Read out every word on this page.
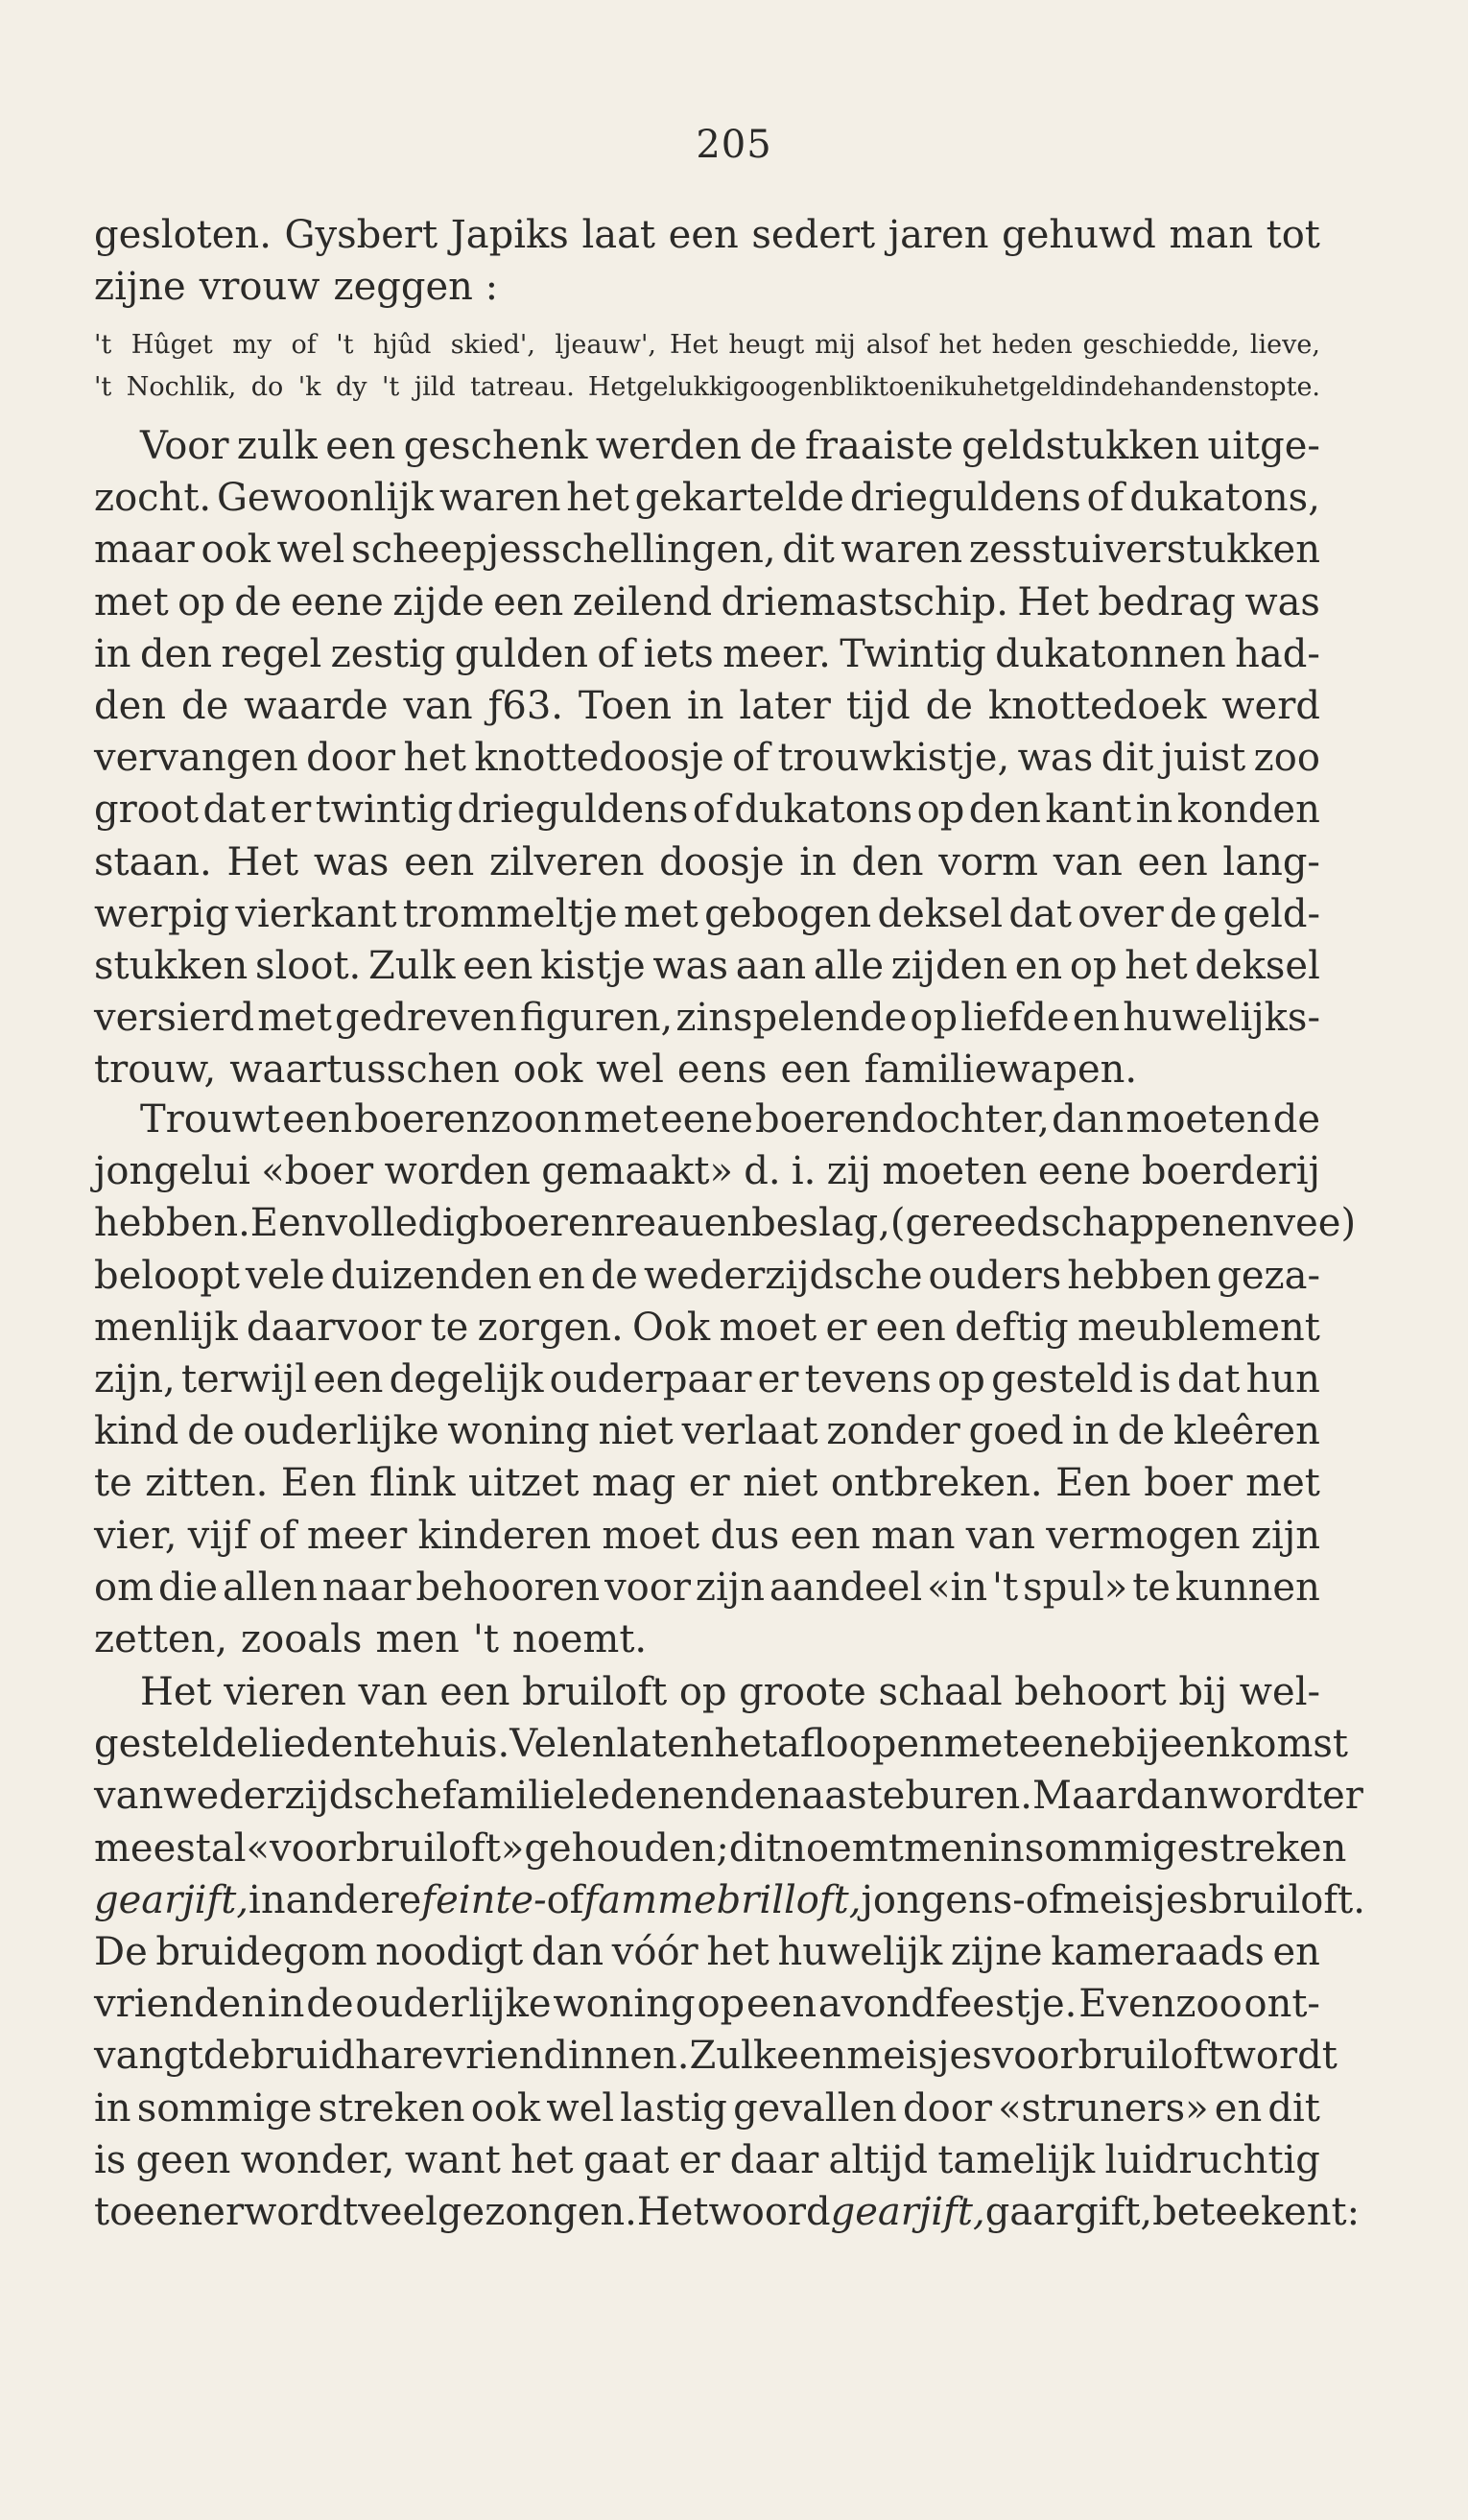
205
gesloten. Gysbert Japiks laat een sedert jaren gehuwd man tot
zijne vrouw zeggen :
't Hûget my of 't hjûd skied', ljeauw', Het heugt mij alsof het heden geschiedde, lieve,
't Nochlik, do 'k dy 't jild tatreau. Het gelukkig oogenblik toen ik u het geld in de handen stopte.
Voor zulk een geschenk werden de fraaiste geldstukken uitge-
zocht. Gewoonlijk waren het gekartelde drieguldens of dukatons,
maar ook wel scheepjesschellingen, dit waren zesstuiverstukken
met op de eene zijde een zeilend driemastschip. Het bedrag was
in den regel zestig gulden of iets meer. Twintig dukatonnen had-
den de waarde van ƒ63. Toen in later tijd de knottedoek werd
vervangen door het knottedoosje of trouwkistje, was dit juist zoo
groot dat er twintig drieguldens of dukatons op den kant in konden
staan. Het was een zilveren doosje in den vorm van een lang-
werpig vierkant trommeltje met gebogen deksel dat over de geld-
stukken sloot. Zulk een kistje was aan alle zijden en op het deksel
versierd met gedreven figuren, zinspelende op liefde en huwelijks-
trouw, waartusschen ook wel eens een familiewapen.
Trouwt een boerenzoon met eene boerendochter, dan moeten de
jongelui «boer worden gemaakt» d. i. zij moeten eene boerderij
hebben. Een volledig boerenreau en beslag, (gereedschappen en vee)
beloopt vele duizenden en de wederzijdsche ouders hebben geza-
menlijk daarvoor te zorgen. Ook moet er een deftig meublement
zijn, terwijl een degelijk ouderpaar er tevens op gesteld is dat hun
kind de ouderlijke woning niet verlaat zonder goed in de kleêren
te zitten. Een flink uitzet mag er niet ontbreken. Een boer met
vier, vijf of meer kinderen moet dus een man van vermogen zijn
om die allen naar behooren voor zijn aandeel «in 't spul» te kunnen
zetten, zooals men 't noemt.
Het vieren van een bruiloft op groote schaal behoort bij wel-
gestelde lieden tehuis. Velen laten het afloopen met eene bijeenkomst
van wederzijdsche familieleden en de naaste buren. Maar dan wordt er
meestal «voorbruiloft» gehouden; dit noemt men in sommige streken
gearjift, in andere feinte- of fammebrilloft, jongens- of meisjesbruiloft.
De bruidegom noodigt dan vóór het huwelijk zijne kameraads en
vrienden in de ouderlijke woning op een avondfeestje. Evenzoo ont-
vangt de bruid hare vriendinnen. Zulk een meisjesvoorbruiloft wordt
in sommige streken ook wel lastig gevallen door «struners» en dit
is geen wonder, want het gaat er daar altijd tamelijk luidruchtig
toe en er wordt veel gezongen. Het woord gearjift, gaargift, beteekent:
